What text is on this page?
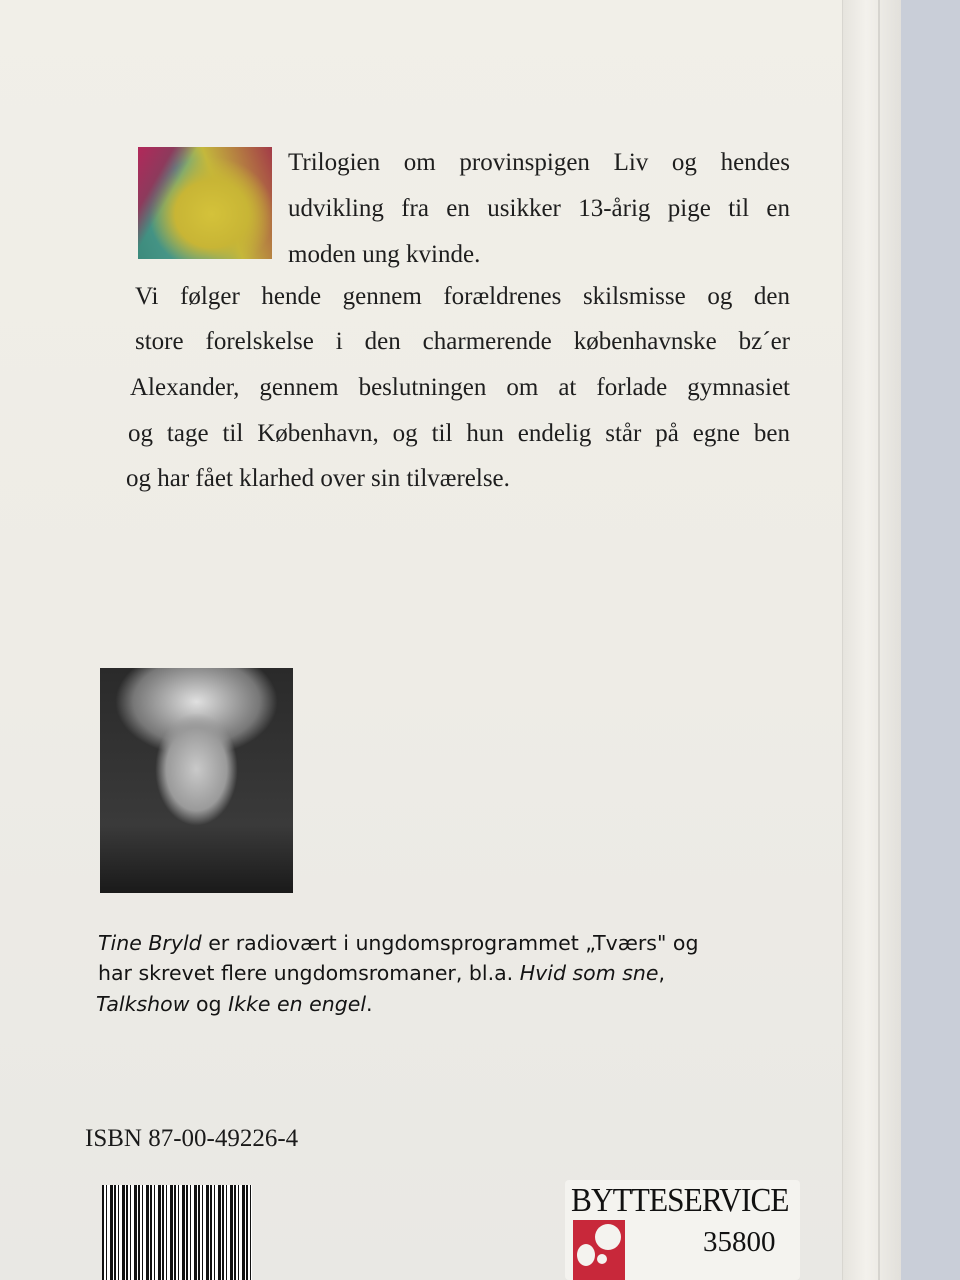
Trilogien om provinspigen Liv og hendes
udvikling fra en usikker 13-årig pige til en
moden ung kvinde.
Vi følger hende gennem forældrenes skilsmisse og den
store forelskelse i den charmerende københavnske bz´er
Alexander, gennem beslutningen om at forlade gymnasiet
og tage til København, og til hun endelig står på egne ben
og har fået klarhed over sin tilværelse.
Tine Bryld er radiovært i ungdomsprogrammet „Tværs" og
har skrevet flere ungdomsromaner, bl.a. Hvid som sne,
Talkshow og Ikke en engel.
ISBN 87-00-49226-4
BYTTESERVICE
35800
